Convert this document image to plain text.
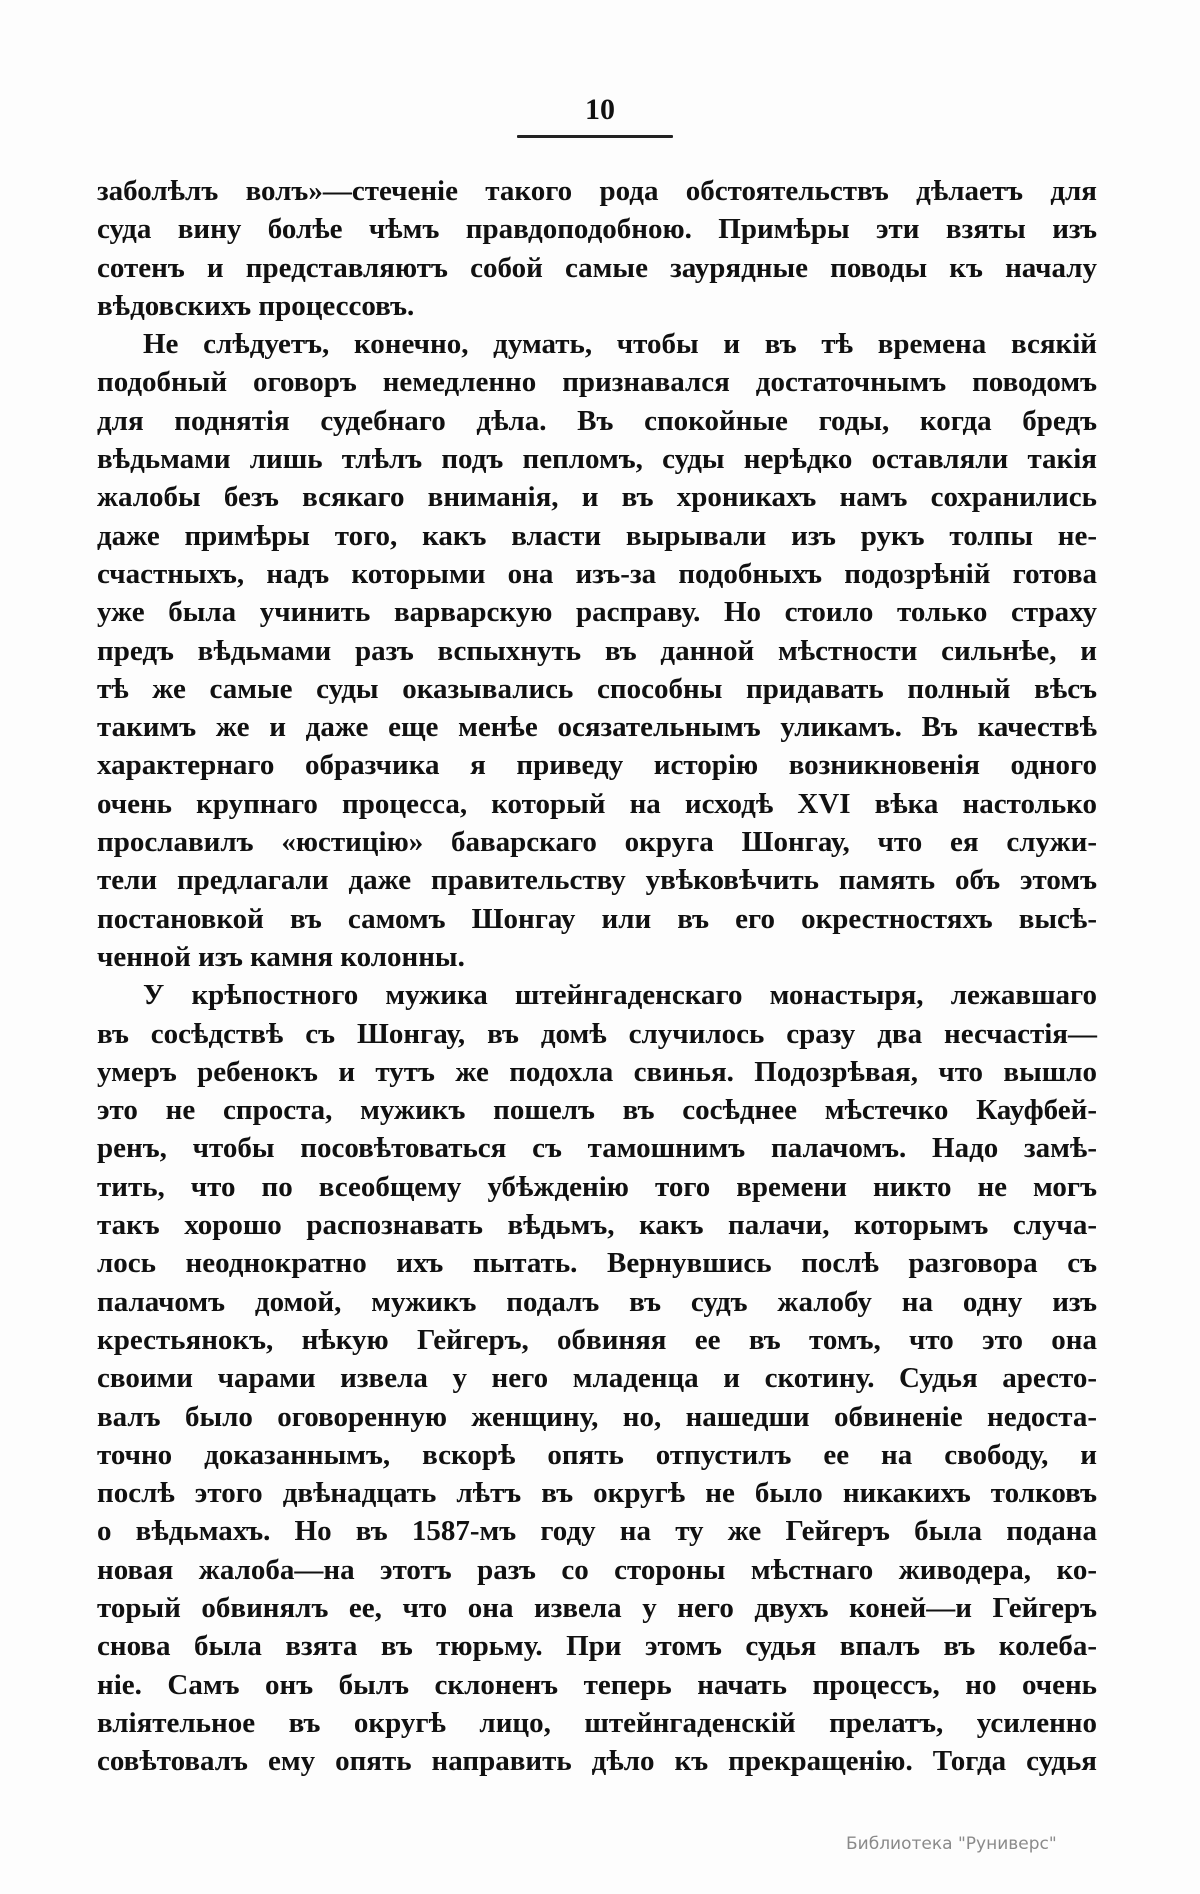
10
заболѣлъ волъ»—стеченіе такого рода обстоятельствъ дѣлаетъ для
суда вину болѣе чѣмъ правдоподобною. Примѣры эти взяты изъ
сотенъ и представляютъ собой самые заурядные поводы къ началу
вѣдовскихъ процессовъ.
Не слѣдуетъ, конечно, думать, чтобы и въ тѣ времена всякій
подобный оговоръ немедленно признавался достаточнымъ поводомъ
для поднятія судебнаго дѣла. Въ спокойные годы, когда бредъ
вѣдьмами лишь тлѣлъ подъ пепломъ, суды нерѣдко оставляли такія
жалобы безъ всякаго вниманія, и въ хроникахъ намъ сохранились
даже примѣры того, какъ власти вырывали изъ рукъ толпы не-
счастныхъ, надъ которыми она изъ-за подобныхъ подозрѣній готова
уже была учинить варварскую расправу. Но стоило только страху
предъ вѣдьмами разъ вспыхнуть въ данной мѣстности сильнѣе, и
тѣ же самые суды оказывались способны придавать полный вѣсъ
такимъ же и даже еще менѣе осязательнымъ уликамъ. Въ качествѣ
характернаго образчика я приведу исторію возникновенія одного
очень крупнаго процесса, который на исходѣ XVI вѣка настолько
прославилъ «юстицію» баварскаго округа Шонгау, что ея служи-
тели предлагали даже правительству увѣковѣчить память объ этомъ
постановкой въ самомъ Шонгау или въ его окрестностяхъ высѣ-
ченной изъ камня колонны.
У крѣпостного мужика штейнгаденскаго монастыря, лежавшаго
въ сосѣдствѣ съ Шонгау, въ домѣ случилось сразу два несчастія—
умеръ ребенокъ и тутъ же подохла свинья. Подозрѣвая, что вышло
это не спроста, мужикъ пошелъ въ сосѣднее мѣстечко Кауфбей-
ренъ, чтобы посовѣтоваться съ тамошнимъ палачомъ. Надо замѣ-
тить, что по всеобщему убѣжденію того времени никто не могъ
такъ хорошо распознавать вѣдьмъ, какъ палачи, которымъ случа-
лось неоднократно ихъ пытать. Вернувшись послѣ разговора съ
палачомъ домой, мужикъ подалъ въ судъ жалобу на одну изъ
крестьянокъ, нѣкую Гейгеръ, обвиняя ее въ томъ, что это она
своими чарами извела у него младенца и скотину. Судья аресто-
валъ было оговоренную женщину, но, нашедши обвиненіе недоста-
точно доказаннымъ, вскорѣ опять отпустилъ ее на свободу, и
послѣ этого двѣнадцать лѣтъ въ округѣ не было никакихъ толковъ
о вѣдьмахъ. Но въ 1587-мъ году на ту же Гейгеръ была подана
новая жалоба—на этотъ разъ со стороны мѣстнаго живодера, ко-
торый обвинялъ ее, что она извела у него двухъ коней—и Гейгеръ
снова была взята въ тюрьму. При этомъ судья впалъ въ колеба-
ніе. Самъ онъ былъ склоненъ теперь начать процессъ, но очень
вліятельное въ округѣ лицо, штейнгаденскій прелатъ, усиленно
совѣтовалъ ему опять направить дѣло къ прекращенію. Тогда судья
Библиотека "Руниверс"
